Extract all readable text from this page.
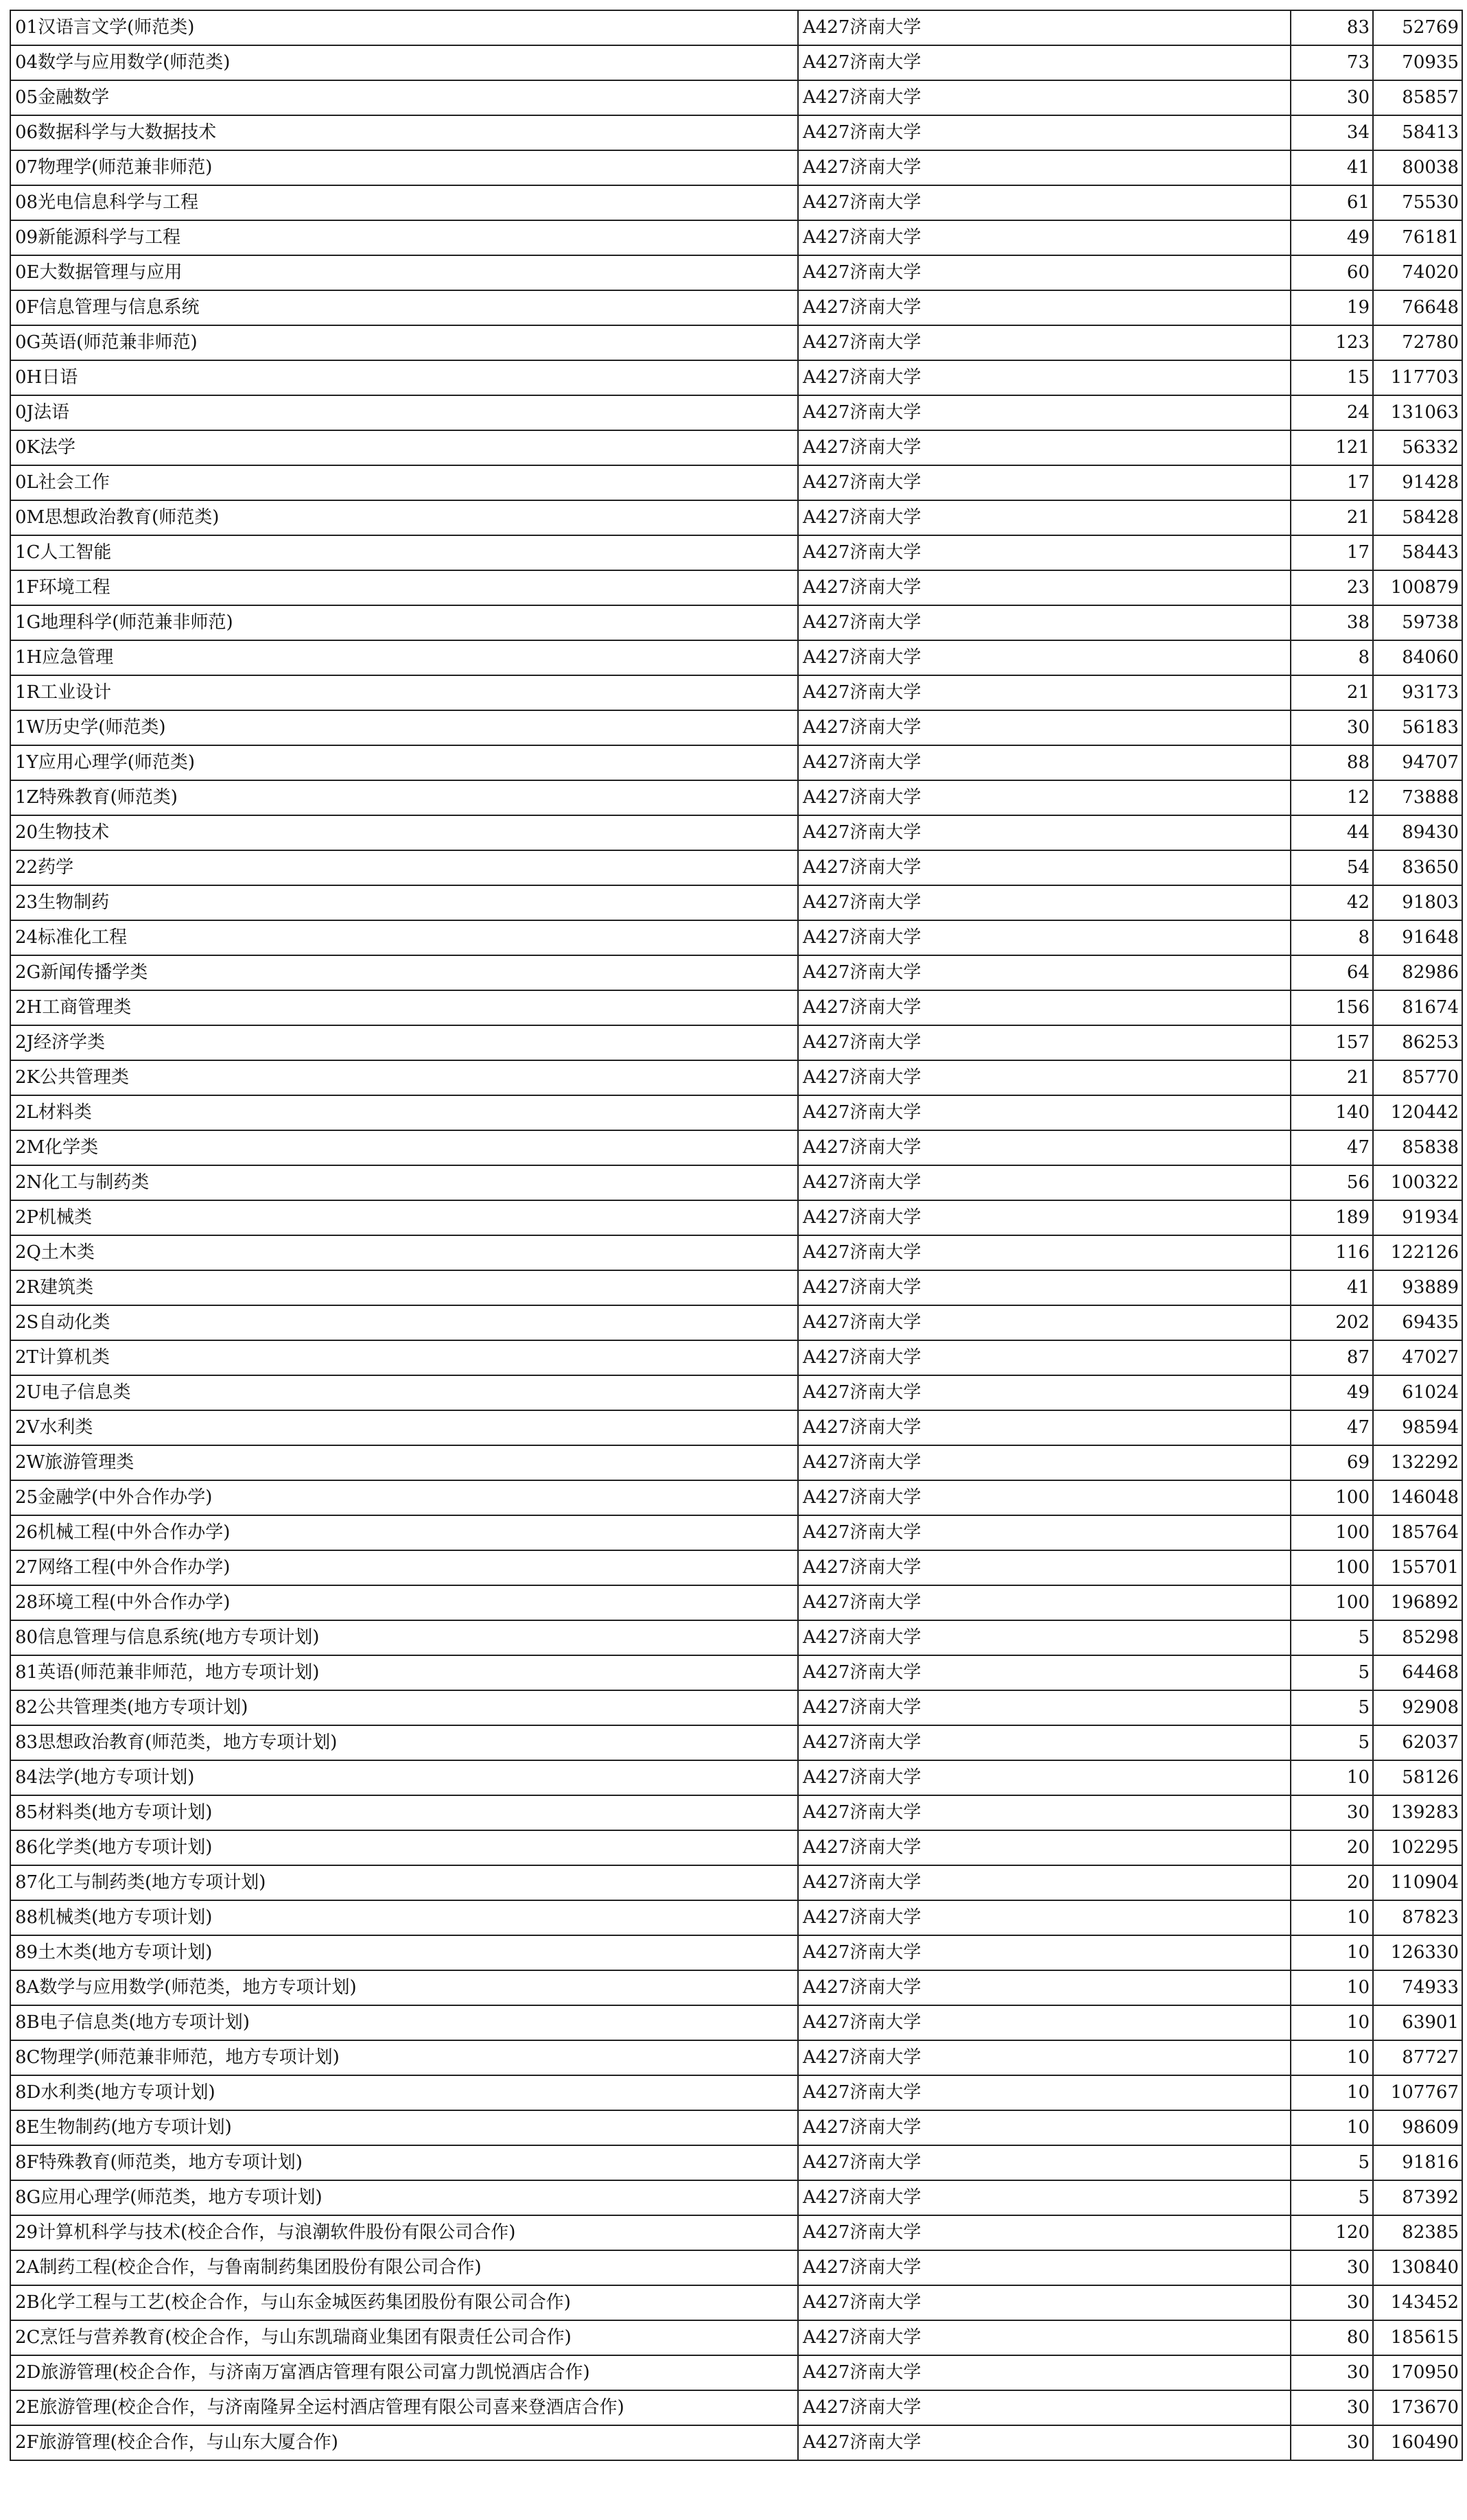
01汉语言文学(师范类)	A427济南大学	83	52769
04数学与应用数学(师范类)	A427济南大学	73	70935
05金融数学	A427济南大学	30	85857
06数据科学与大数据技术	A427济南大学	34	58413
07物理学(师范兼非师范)	A427济南大学	41	80038
08光电信息科学与工程	A427济南大学	61	75530
09新能源科学与工程	A427济南大学	49	76181
0E大数据管理与应用	A427济南大学	60	74020
0F信息管理与信息系统	A427济南大学	19	76648
0G英语(师范兼非师范)	A427济南大学	123	72780
0H日语	A427济南大学	15	117703
0J法语	A427济南大学	24	131063
0K法学	A427济南大学	121	56332
0L社会工作	A427济南大学	17	91428
0M思想政治教育(师范类)	A427济南大学	21	58428
1C人工智能	A427济南大学	17	58443
1F环境工程	A427济南大学	23	100879
1G地理科学(师范兼非师范)	A427济南大学	38	59738
1H应急管理	A427济南大学	8	84060
1R工业设计	A427济南大学	21	93173
1W历史学(师范类)	A427济南大学	30	56183
1Y应用心理学(师范类)	A427济南大学	88	94707
1Z特殊教育(师范类)	A427济南大学	12	73888
20生物技术	A427济南大学	44	89430
22药学	A427济南大学	54	83650
23生物制药	A427济南大学	42	91803
24标准化工程	A427济南大学	8	91648
2G新闻传播学类	A427济南大学	64	82986
2H工商管理类	A427济南大学	156	81674
2J经济学类	A427济南大学	157	86253
2K公共管理类	A427济南大学	21	85770
2L材料类	A427济南大学	140	120442
2M化学类	A427济南大学	47	85838
2N化工与制药类	A427济南大学	56	100322
2P机械类	A427济南大学	189	91934
2Q土木类	A427济南大学	116	122126
2R建筑类	A427济南大学	41	93889
2S自动化类	A427济南大学	202	69435
2T计算机类	A427济南大学	87	47027
2U电子信息类	A427济南大学	49	61024
2V水利类	A427济南大学	47	98594
2W旅游管理类	A427济南大学	69	132292
25金融学(中外合作办学)	A427济南大学	100	146048
26机械工程(中外合作办学)	A427济南大学	100	185764
27网络工程(中外合作办学)	A427济南大学	100	155701
28环境工程(中外合作办学)	A427济南大学	100	196892
80信息管理与信息系统(地方专项计划)	A427济南大学	5	85298
81英语(师范兼非师范，地方专项计划)	A427济南大学	5	64468
82公共管理类(地方专项计划)	A427济南大学	5	92908
83思想政治教育(师范类，地方专项计划)	A427济南大学	5	62037
84法学(地方专项计划)	A427济南大学	10	58126
85材料类(地方专项计划)	A427济南大学	30	139283
86化学类(地方专项计划)	A427济南大学	20	102295
87化工与制药类(地方专项计划)	A427济南大学	20	110904
88机械类(地方专项计划)	A427济南大学	10	87823
89土木类(地方专项计划)	A427济南大学	10	126330
8A数学与应用数学(师范类，地方专项计划)	A427济南大学	10	74933
8B电子信息类(地方专项计划)	A427济南大学	10	63901
8C物理学(师范兼非师范，地方专项计划)	A427济南大学	10	87727
8D水利类(地方专项计划)	A427济南大学	10	107767
8E生物制药(地方专项计划)	A427济南大学	10	98609
8F特殊教育(师范类，地方专项计划)	A427济南大学	5	91816
8G应用心理学(师范类，地方专项计划)	A427济南大学	5	87392
29计算机科学与技术(校企合作，与浪潮软件股份有限公司合作)	A427济南大学	120	82385
2A制药工程(校企合作，与鲁南制药集团股份有限公司合作)	A427济南大学	30	130840
2B化学工程与工艺(校企合作，与山东金城医药集团股份有限公司合作)	A427济南大学	30	143452
2C烹饪与营养教育(校企合作，与山东凯瑞商业集团有限责任公司合作)	A427济南大学	80	185615
2D旅游管理(校企合作，与济南万富酒店管理有限公司富力凯悦酒店合作)	A427济南大学	30	170950
2E旅游管理(校企合作，与济南隆昇全运村酒店管理有限公司喜来登酒店合作)	A427济南大学	30	173670
2F旅游管理(校企合作，与山东大厦合作)	A427济南大学	30	160490
